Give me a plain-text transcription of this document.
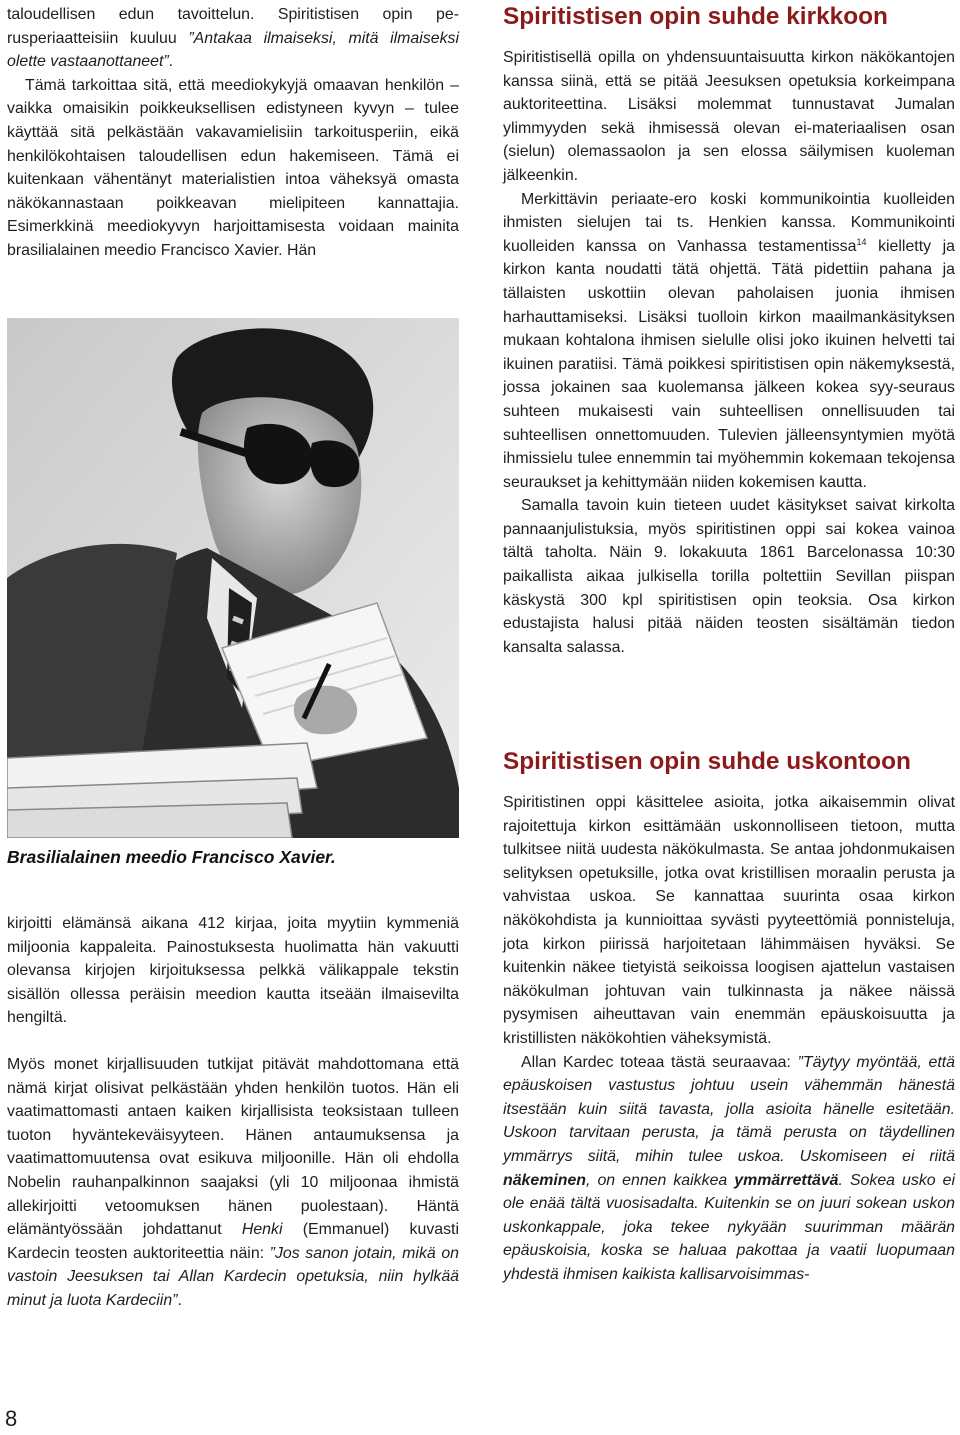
taloudellisen edun tavoittelun. Spiritistisen opin perusperiaatteisiin kuuluu ”Antakaa ilmaiseksi, mitä ilmaiseksi olette vastaanottaneet”.

Tämä tarkoittaa sitä, että meediokykyjä omaavan henkilön – vaikka omaisikin poikkeuksellisen edistyneen kyvyn – tulee käyttää sitä pelkästään vakavamielisiin tarkoitusperiin, eikä henkilökohtaisen taloudellisen edun hakemiseen. Tämä ei kuitenkaan vähentänyt materialistien intoa väheksyä omasta näkökannastaan poikkeavan mielipiteen kannattajia. Esimerkkinä meediokyvyn harjoittamisesta voidaan mainita brasilialainen meedio Francisco Xavier. Hän

Brasilialainen meedio Francisco Xavier.

kirjoitti elämänsä aikana 412 kirjaa, joita myytiin kymmeniä miljoonia kappaleita. Painostuksesta huolimatta hän vakuutti olevansa kirjojen kirjoituksessa pelkkä välikappale tekstin sisällön ollessa peräisin meedion kautta itseään ilmaisevilta hengiltä.

Myös monet kirjallisuuden tutkijat pitävät mahdottomana että nämä kirjat olisivat pelkästään yhden henkilön tuotos. Hän eli vaatimattomasti antaen kaiken kirjallisista teoksistaan tulleen tuoton hyväntekeväisyyteen. Hänen antaumuksensa ja vaatimattomuutensa ovat esikuva miljoonille. Hän oli ehdolla Nobelin rauhanpalkinnon saajaksi (yli 10 miljoonaa ihmistä allekirjoitti vetoomuksen hänen puolestaan). Häntä elämäntyössään johdattanut Henki (Emmanuel) kuvasti Kardecin teosten auktoriteettia näin: ”Jos sanon jotain, mikä on vastoin Jeesuksen tai Allan Kardecin opetuksia, niin hylkää minut ja luota Kardeciin”.

Spiritistisen opin suhde kirkkoon

Spiritistisellä opilla on yhdensuuntaisuutta kirkon näkökantojen kanssa siinä, että se pitää Jeesuksen opetuksia korkeimpana auktoriteettina. Lisäksi molemmat tunnustavat Jumalan ylimmyyden sekä ihmisessä olevan ei-materiaalisen osan (sielun) olemassaolon ja sen elossa säilymisen kuoleman jälkeenkin.

Merkittävin periaate-ero koski kommunikointia kuolleiden ihmisten sielujen tai ts. Henkien kanssa. Kommunikointi kuolleiden kanssa on Vanhassa testamentissa$^{14}$ kielletty ja kirkon kanta noudatti tätä ohjettä. Tätä pidettiin pahana ja tällaisten uskottiin olevan paholaisen juonia ihmisen harhauttamiseksi. Lisäksi tuolloin kirkon maailmankäsityksen mukaan kohtalona ihmisen sielulle olisi joko ikuinen helvetti tai ikuinen paratiisi. Tämä poikkesi spiritistisen opin näkemyksestä, jossa jokainen saa kuolemansa jälkeen kokea syy-seuraus suhteen mukaisesti vain suhteellisen onnellisuuden tai suhteellisen onnettomuuden. Tulevien jälleensyntymien myötä ihmissielu tulee ennemmin tai myöhemmin kokemaan tekojensa seuraukset ja kehittymään niiden kokemisen kautta.

Samalla tavoin kuin tieteen uudet käsitykset saivat kirkolta pannaanjulistuksia, myös spiritistinen oppi sai kokea vainoa tältä taholta. Näin 9. lokakuuta 1861 Barcelonassa 10:30 paikallista aikaa julkisella torilla poltettiin Sevillan piispan käskystä 300 kpl spiritistisen opin teoksia. Osa kirkon edustajista halusi pitää näiden teosten sisältämän tiedon kansalta salassa.

Spiritistisen opin suhde uskontoon

Spiritistinen oppi käsittelee asioita, jotka aikaisemmin olivat rajoitettuja kirkon esittämään uskonnolliseen tietoon, mutta tulkitsee niitä uudesta näkökulmasta. Se antaa johdonmukaisen selityksen opetuksille, jotka ovat kristillisen moraalin perusta ja vahvistaa uskoa. Se kannattaa suurinta osaa kirkon näkökohdista ja kunnioittaa syvästi pyyteettömiä ponnisteluja, jota kirkon piirissä harjoitetaan lähimmäisen hyväksi. Se kuitenkin näkee tietyistä seikoissa loogisen ajattelun vastaisen näkökulman johtuvan vain tulkinnasta ja näkee näissä pysymisen aiheuttavan vain enemmän epäuskoisuutta ja kristillisten näkökohtien väheksymistä.

Allan Kardec toteaa tästä seuraavaa: ”Täytyy myöntää, että epäuskoisen vastustus johtuu usein vähemmän hänestä itsestään kuin siitä tavasta, jolla asioita hänelle esitetään. Uskoon tarvitaan perusta, ja tämä perusta on täydellinen ymmärrys siitä, mihin tulee uskoa. Uskomiseen ei riitä näkeminen, on ennen kaikkea ymmärrettävä. Sokea usko ei ole enää tältä vuosisadalta. Kuitenkin se on juuri sokean uskon uskonkappale, joka tekee nykyään suurimman määrän epäuskoisia, koska se haluaa pakottaa ja vaatii luopumaan yhdestä ihmisen kaikista kallisarvoisimmas-

8
